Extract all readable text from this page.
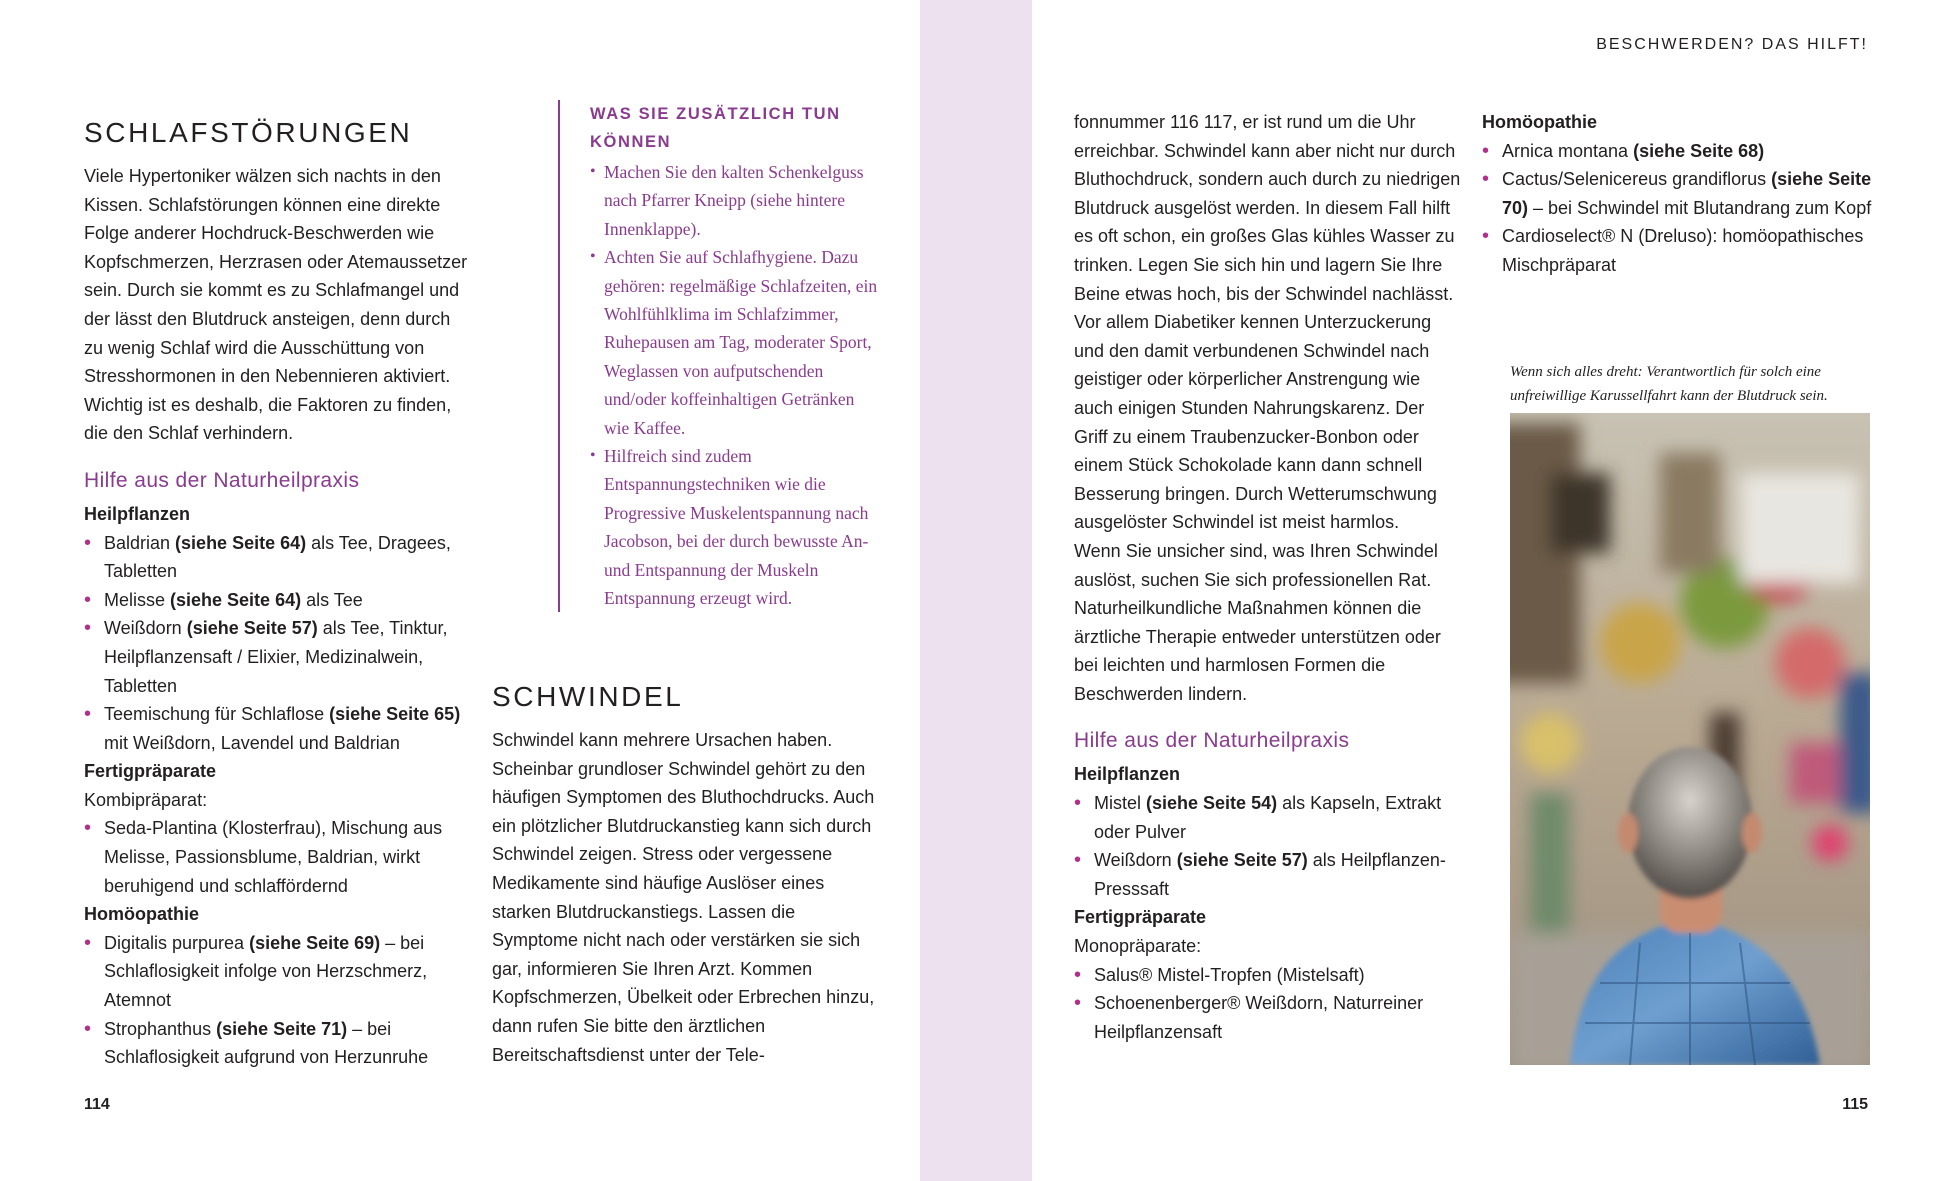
SCHLAFSTÖRUNGEN

Viele Hypertoniker wälzen sich nachts in den Kissen. Schlafstörungen können eine direkte Folge anderer Hochdruck-Beschwerden wie Kopfschmerzen, Herzrasen oder Atemaussetzer sein. Durch sie kommt es zu Schlafmangel und der lässt den Blutdruck ansteigen, denn durch zu wenig Schlaf wird die Ausschüttung von Stresshormonen in den Nebennieren aktiviert. Wichtig ist es deshalb, die Faktoren zu finden, die den Schlaf verhindern.

Hilfe aus der Naturheilpraxis

Heilpflanzen

• Baldrian (siehe Seite 64) als Tee, Dragees, Tabletten
• Melisse (siehe Seite 64) als Tee
• Weißdorn (siehe Seite 57) als Tee, Tinktur, Heilpflanzensaft / Elixier, Medizinalwein, Tabletten
• Teemischung für Schlaflose (siehe Seite 65) mit Weißdorn, Lavendel und Baldrian

Fertigpräparate

Kombipräparat:

• Seda-Plantina (Klosterfrau), Mischung aus Melisse, Passionsblume, Baldrian, wirkt beruhigend und schlaffördernd

Homöopathie

• Digitalis purpurea (siehe Seite 69) – bei Schlaflosigkeit infolge von Herzschmerz, Atemnot
• Strophanthus (siehe Seite 71) – bei Schlaflosigkeit aufgrund von Herzunruhe

WAS SIE ZUSÄTZLICH TUN
KÖNNEN

• Machen Sie den kalten Schenkelguss nach Pfarrer Kneipp (siehe hintere Innenklappe).
• Achten Sie auf Schlafhygiene. Dazu gehören: regelmäßige Schlafzeiten, ein Wohlfühlklima im Schlafzimmer, Ruhepausen am Tag, moderater Sport, Weglassen von aufputschenden und/oder koffeinhaltigen Getränken wie Kaffee.
• Hilfreich sind zudem Entspannungstechniken wie die Progressive Muskelentspannung nach Jacobson, bei der durch bewusste An- und Entspannung der Muskeln Entspannung erzeugt wird.
SCHWINDEL

Schwindel kann mehrere Ursachen haben. Scheinbar grundloser Schwindel gehört zu den häufigen Symptomen des Bluthochdrucks. Auch ein plötzlicher Blutdruckanstieg kann sich durch Schwindel zeigen. Stress oder vergessene Medikamente sind häufige Auslöser eines starken Blutdruckanstiegs. Lassen die Symptome nicht nach oder verstärken sie sich gar, informieren Sie Ihren Arzt. Kommen Kopfschmerzen, Übelkeit oder Erbrechen hinzu, dann rufen Sie bitte den ärztlichen Bereitschaftsdienst unter der Tele-

fonnummer 116 117, er ist rund um die Uhr erreichbar. Schwindel kann aber nicht nur durch Bluthochdruck, sondern auch durch zu niedrigen Blutdruck ausgelöst werden. In diesem Fall hilft es oft schon, ein großes Glas kühles Wasser zu trinken. Legen Sie sich hin und lagern Sie Ihre Beine etwas hoch, bis der Schwindel nachlässt. Vor allem Diabetiker kennen Unterzuckerung und den damit verbundenen Schwindel nach geistiger oder körperlicher Anstrengung wie auch einigen Stunden Nahrungskarenz. Der Griff zu einem Traubenzucker-Bonbon oder einem Stück Schokolade kann dann schnell Besserung bringen. Durch Wetterumschwung ausgelöster Schwindel ist meist harmlos.

Wenn Sie unsicher sind, was Ihren Schwindel auslöst, suchen Sie sich professionellen Rat. Naturheilkundliche Maßnahmen können die ärztliche Therapie entweder unterstützen oder bei leichten und harmlosen Formen die Beschwerden lindern.

Hilfe aus der Naturheilpraxis

Heilpflanzen

• Mistel (siehe Seite 54) als Kapseln, Extrakt oder Pulver
• Weißdorn (siehe Seite 57) als Heilpflanzen-Presssaft

Fertigpräparate

Monopräparate:

• Salus® Mistel-Tropfen (Mistelsaft)
• Schoenenberger® Weißdorn, Naturreiner Heilpflanzensaft

Homöopathie

• Arnica montana (siehe Seite 68)
• Cactus/Selenicereus grandiflorus (siehe Seite 70) – bei Schwindel mit Blutandrang zum Kopf
• Cardioselect® N (Dreluso): homöopathisches Mischpräparat
BESCHWERDEN? DAS HILFT!
Wenn sich alles dreht: Verantwortlich für solch eine unfreiwillige Karussellfahrt kann der Blutdruck sein.
114	115
